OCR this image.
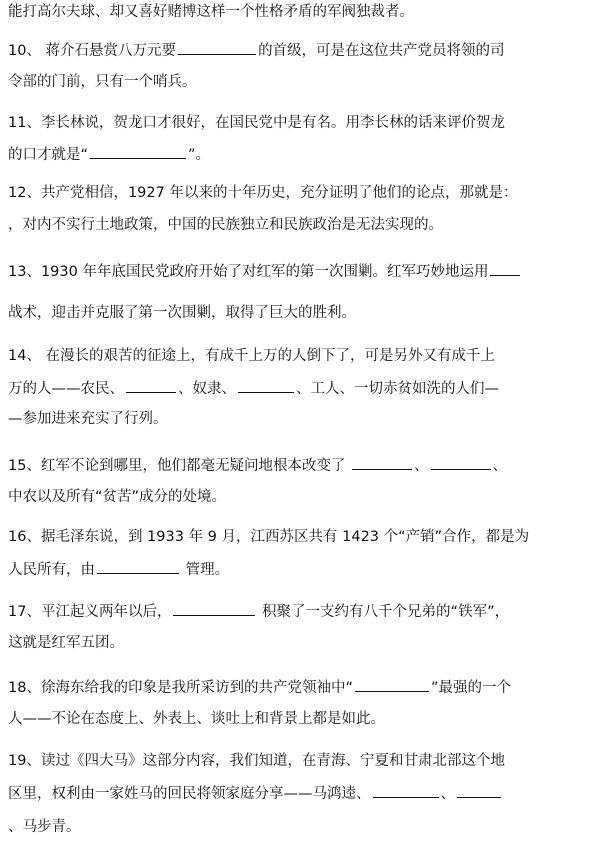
能打高尔夫球、却又喜好赌博这样一个性格矛盾的军阀独裁者。
10、 蒋介石悬赏八万元要	的首级，可是在这位共产党员将领的司
令部的门前，只有一个哨兵。
11、李长林说，贺龙口才很好，在国民党中是有名。用李长林的话来评价贺龙
的口才就是“	”。
12、共产党相信，1927 年以来的十年历史，充分证明了他们的论点，那就是：
，对内不实行土地政策，中国的民族独立和民族政治是无法实现的。
13、1930 年年底国民党政府开始了对红军的第一次围剿。红军巧妙地运用
战术，迎击并克服了第一次围剿，取得了巨大的胜利。
14、 在漫长的艰苦的征途上，有成千上万的人倒下了，可是另外又有成千上
万的人——农民、	、奴隶、	、工人、一切赤贫如洗的人们—
—参加进来充实了行列。
15、红军不论到哪里，他们都毫无疑问地根本改变了	、	、
中农以及所有“贫苦”成分的处境。
16、据毛泽东说，到 1933 年 9 月，江西苏区共有 1423 个“产销”合作，都是为
人民所有，由	管理。
17、平江起义两年以后，	积聚了一支约有八千个兄弟的“铁军”，
这就是红军五团。
18、徐海东给我的印象是我所采访到的共产党领袖中“	”最强的一个
人——不论在态度上、外表上、谈吐上和背景上都是如此。
19、读过《四大马》这部分内容，我们知道，在青海、宁夏和甘肃北部这个地
区里，权利由一家姓马的回民将领家庭分享——马鸿逵、	、
、马步青。
